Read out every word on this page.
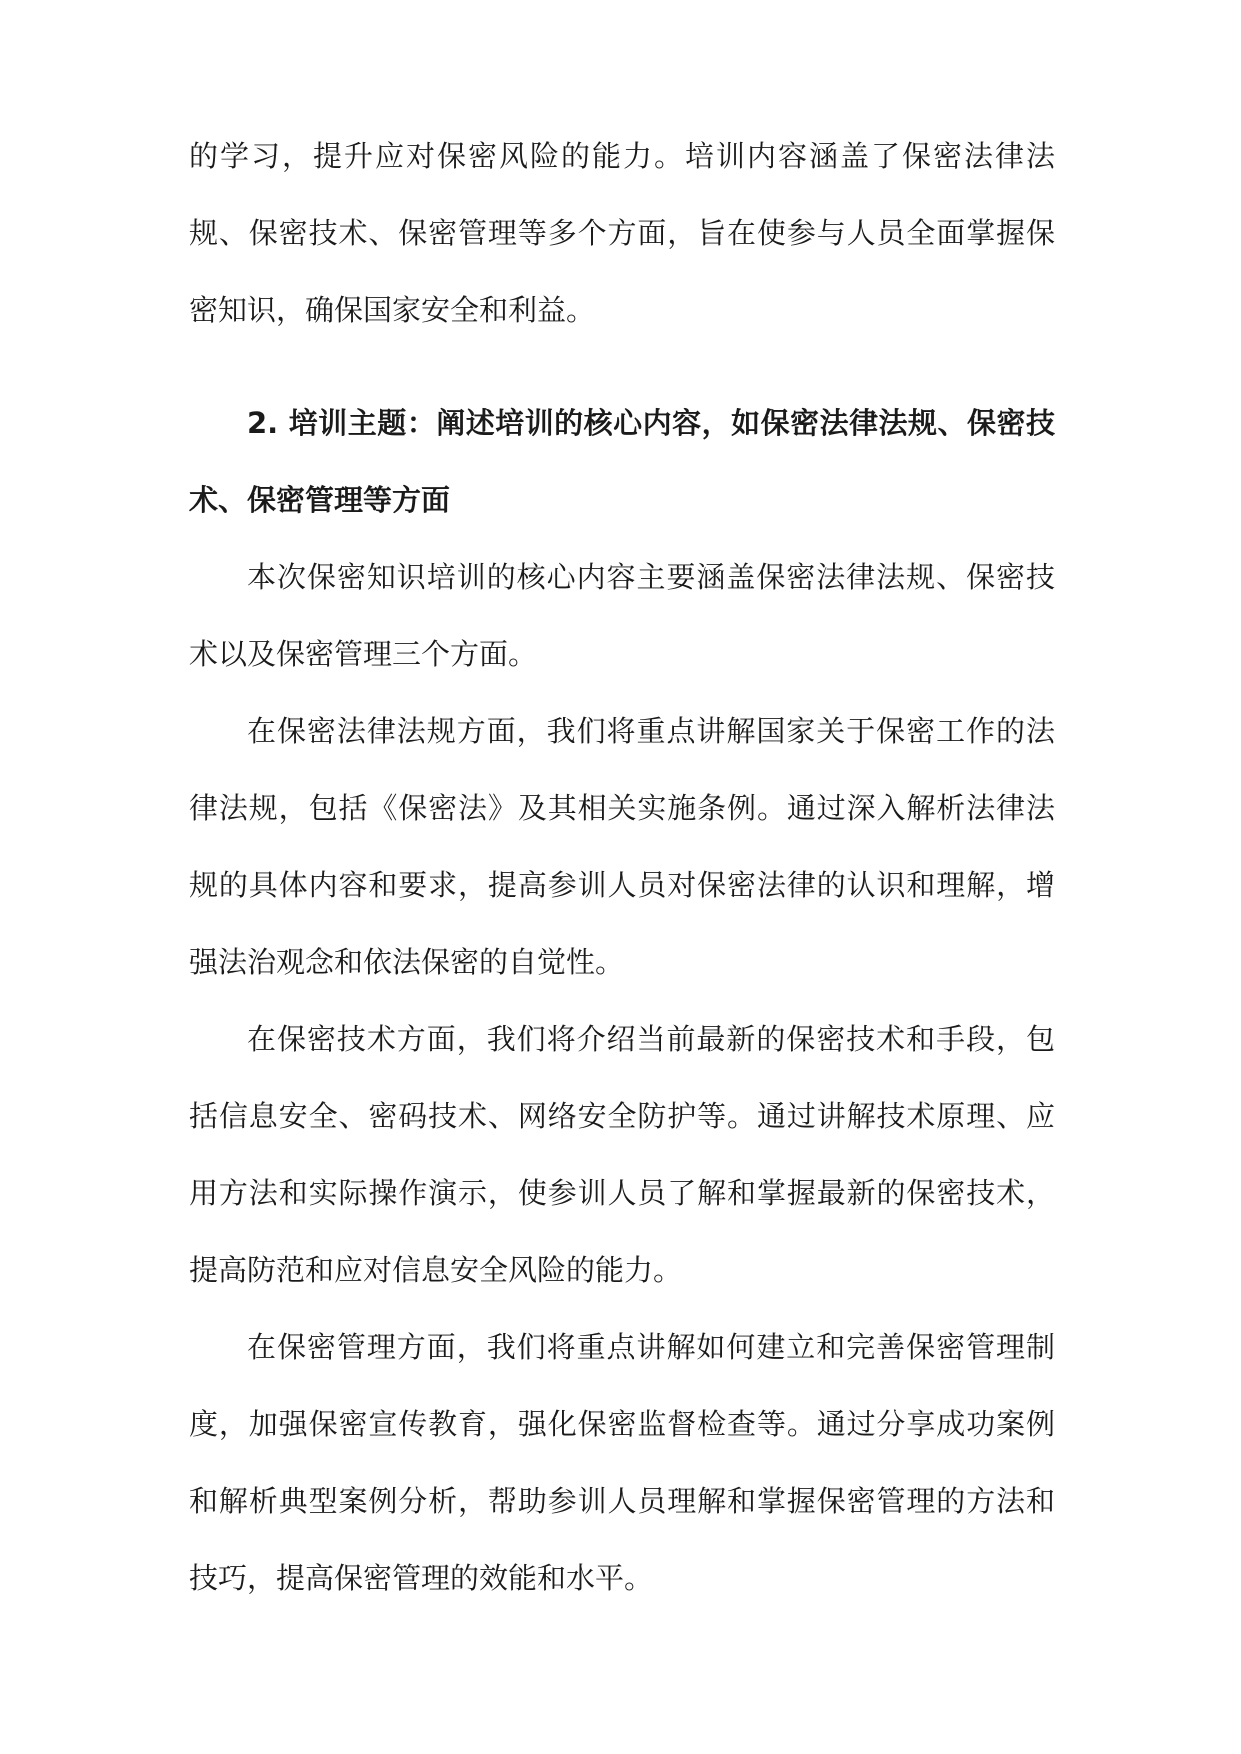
的学习，提升应对保密风险的能力。培训内容涵盖了保密法律法规、保密技术、保密管理等多个方面，旨在使参与人员全面掌握保密知识，确保国家安全和利益。

2. 培训主题：阐述培训的核心内容，如保密法律法规、保密技术、保密管理等方面

本次保密知识培训的核心内容主要涵盖保密法律法规、保密技术以及保密管理三个方面。

在保密法律法规方面，我们将重点讲解国家关于保密工作的法律法规，包括《保密法》及其相关实施条例。通过深入解析法律法规的具体内容和要求，提高参训人员对保密法律的认识和理解，增强法治观念和依法保密的自觉性。

在保密技术方面，我们将介绍当前最新的保密技术和手段，包括信息安全、密码技术、网络安全防护等。通过讲解技术原理、应用方法和实际操作演示，使参训人员了解和掌握最新的保密技术，提高防范和应对信息安全风险的能力。

在保密管理方面，我们将重点讲解如何建立和完善保密管理制度，加强保密宣传教育，强化保密监督检查等。通过分享成功案例和解析典型案例分析，帮助参训人员理解和掌握保密管理的方法和技巧，提高保密管理的效能和水平。
